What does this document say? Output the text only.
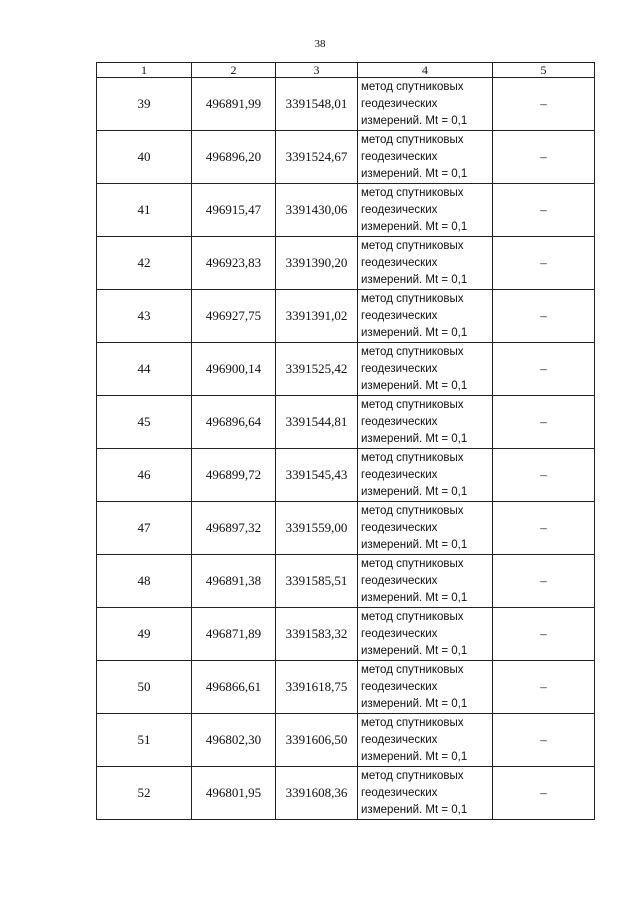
38
1	2	3	4	5
39	496891,99	3391548,01	метод спутниковых
геодезических
измерений. Mt = 0,1	–
40	496896,20	3391524,67	метод спутниковых
геодезических
измерений. Mt = 0,1	–
41	496915,47	3391430,06	метод спутниковых
геодезических
измерений. Mt = 0,1	–
42	496923,83	3391390,20	метод спутниковых
геодезических
измерений. Mt = 0,1	–
43	496927,75	3391391,02	метод спутниковых
геодезических
измерений. Mt = 0,1	–
44	496900,14	3391525,42	метод спутниковых
геодезических
измерений. Mt = 0,1	–
45	496896,64	3391544,81	метод спутниковых
геодезических
измерений. Mt = 0,1	–
46	496899,72	3391545,43	метод спутниковых
геодезических
измерений. Mt = 0,1	–
47	496897,32	3391559,00	метод спутниковых
геодезических
измерений. Mt = 0,1	–
48	496891,38	3391585,51	метод спутниковых
геодезических
измерений. Mt = 0,1	–
49	496871,89	3391583,32	метод спутниковых
геодезических
измерений. Mt = 0,1	–
50	496866,61	3391618,75	метод спутниковых
геодезических
измерений. Mt = 0,1	–
51	496802,30	3391606,50	метод спутниковых
геодезических
измерений. Mt = 0,1	–
52	496801,95	3391608,36	метод спутниковых
геодезических
измерений. Mt = 0,1	–
